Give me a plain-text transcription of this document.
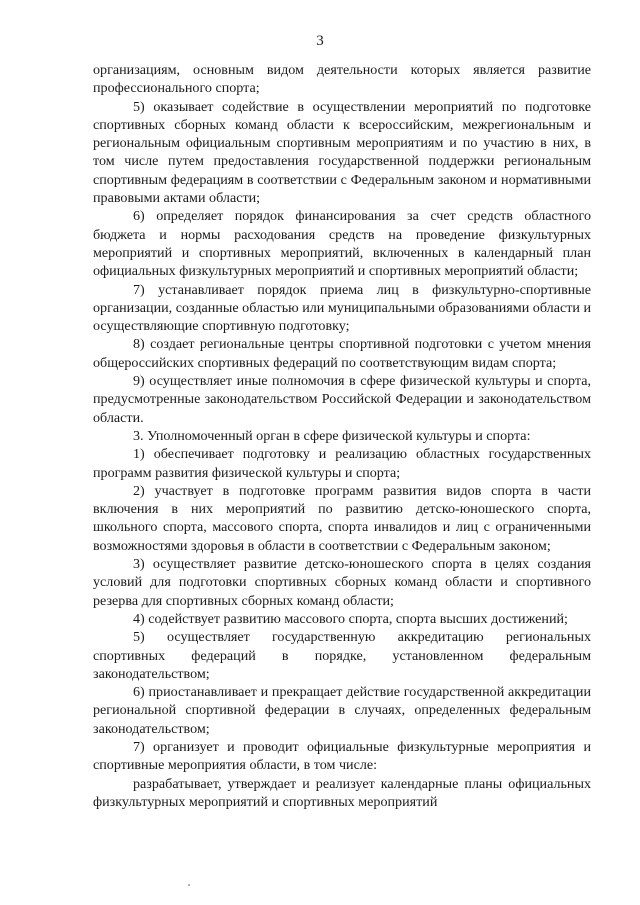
3

организациям, основным видом деятельности которых является развитие профессионального спорта;

5) оказывает содействие в осуществлении мероприятий по подготовке спортивных сборных команд области к всероссийским, межрегиональным и региональным официальным спортивным мероприятиям и по участию в них, в том числе путем предоставления государственной поддержки региональным спортивным федерациям в соответствии с Федеральным законом и нормативными правовыми актами области;

6) определяет порядок финансирования за счет средств областного бюджета и нормы расходования средств на проведение физкультурных мероприятий и спортивных мероприятий, включенных в календарный план официальных физкультурных мероприятий и спортивных мероприятий области;

7) устанавливает порядок приема лиц в физкультурно-спортивные организации, созданные областью или муниципальными образованиями области и осуществляющие спортивную подготовку;

8) создает региональные центры спортивной подготовки с учетом мнения общероссийских спортивных федераций по соответствующим видам спорта;

9) осуществляет иные полномочия в сфере физической культуры и спорта, предусмотренные законодательством Российской Федерации и законодательством области.

3. Уполномоченный орган в сфере физической культуры и спорта:

1) обеспечивает подготовку и реализацию областных государственных программ развития физической культуры и спорта;

2) участвует в подготовке программ развития видов спорта в части включения в них мероприятий по развитию детско-юношеского спорта, школьного спорта, массового спорта, спорта инвалидов и лиц с ограниченными возможностями здоровья в области в соответствии с Федеральным законом;

3) осуществляет развитие детско-юношеского спорта в целях создания условий для подготовки спортивных сборных команд области и спортивного резерва для спортивных сборных команд области;

4) содействует развитию массового спорта, спорта высших достижений;

5) осуществляет государственную аккредитацию региональных спортивных федераций в порядке, установленном федеральным законодательством;

6) приостанавливает и прекращает действие государственной аккредитации региональной спортивной федерации в случаях, определенных федеральным законодательством;

7) организует и проводит официальные физкультурные мероприятия и спортивные мероприятия области, в том числе:

разрабатывает, утверждает и реализует календарные планы официальных физкультурных мероприятий и спортивных мероприятий
